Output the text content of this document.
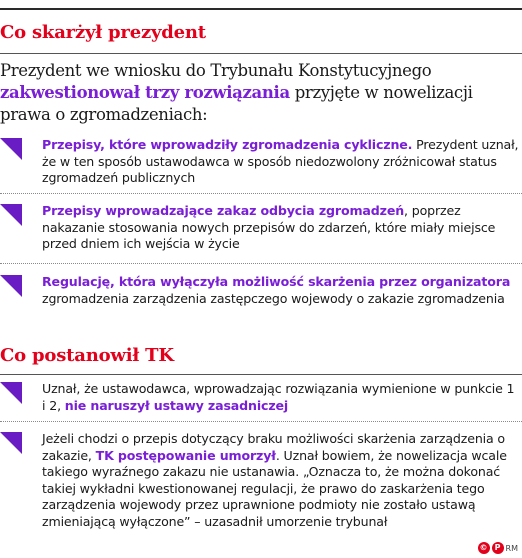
Co skarżył prezydent

Prezydent we wniosku do Trybunału Konstytucyjnego zakwestionował trzy rozwiązania przyjęte w nowelizacji prawa o zgromadzeniach:

Przepisy, które wprowadziły zgromadzenia cykliczne. Prezydent uznał, że w ten sposób ustawodawca w sposób niedozwolony zróżnicował status zgromadzeń publicznych

Przepisy wprowadzające zakaz odbycia zgromadzeń, poprzez nakazanie stosowania nowych przepisów do zdarzeń, które miały miejsce przed dniem ich wejścia w życie

Regulację, która wyłączyła możliwość skarżenia przez organizatora zgromadzenia zarządzenia zastępczego wojewody o zakazie zgromadzenia

Co postanowił TK

Uznał, że ustawodawca, wprowadzając rozwiązania wymienione w punkcie 1 i 2, nie naruszył ustawy zasadniczej

Jeżeli chodzi o przepis dotyczący braku możliwości skarżenia zarządzenia o zakazie, TK postępowanie umorzył. Uznał bowiem, że nowelizacja wcale takiego wyraźnego zakazu nie ustanawia. „Oznacza to, że można dokonać takiej wykładni kwestionowanej regulacji, że prawo do zaskarżenia tego zarządzenia wojewody przez uprawnione podmioty nie zostało ustawą zmieniającą wyłączone” – uzasadnił umorzenie trybunał

© P RM
